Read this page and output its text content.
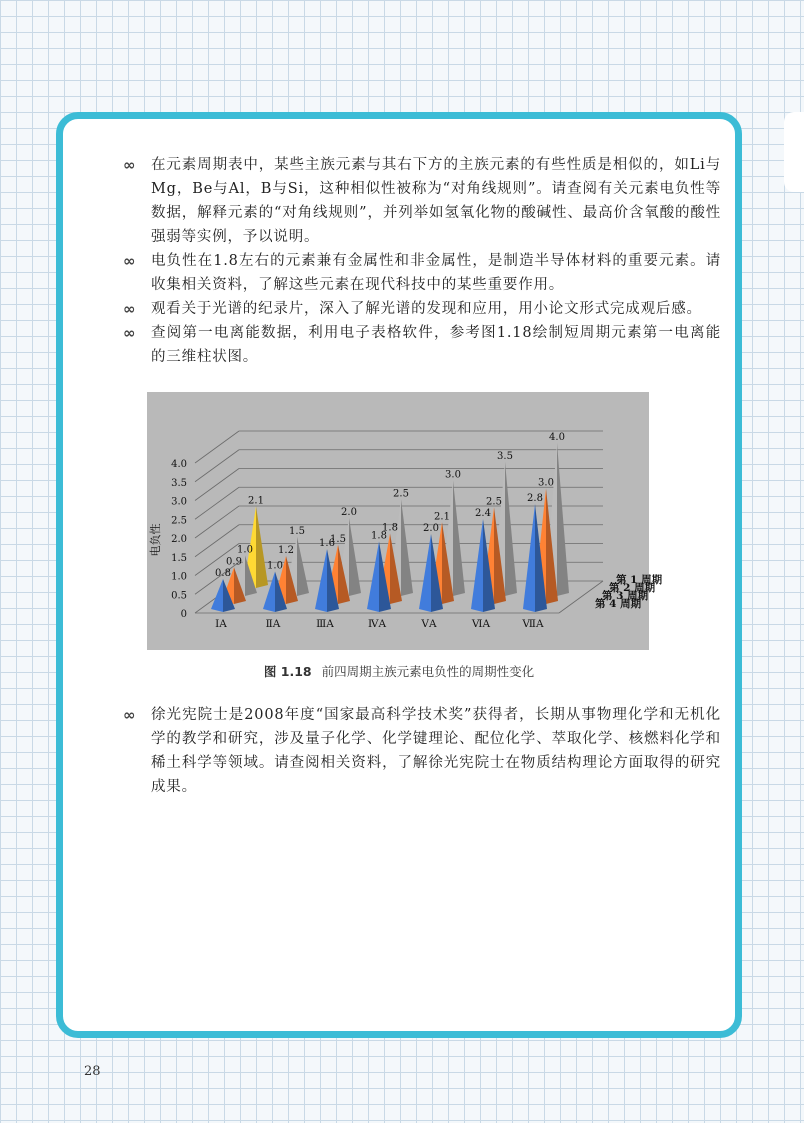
∞ 在元素周期表中，某些主族元素与其右下方的主族元素的有些性质是相似的，如Li与Mg，Be与Al，B与Si，这种相似性被称为“对角线规则”。请查阅有关元素电负性等数据，解释元素的“对角线规则”，并列举如氢氧化物的酸碱性、最高价含氧酸的酸性强弱等实例，予以说明。
∞ 电负性在1.8左右的元素兼有金属性和非金属性，是制造半导体材料的重要元素。请收集相关资料，了解这些元素在现代科技中的某些重要作用。
∞ 观看关于光谱的纪录片，深入了解光谱的发现和应用，用小论文形式完成观后感。
∞ 查阅第一电离能数据，利用电子表格软件，参考图1.18绘制短周期元素第一电离能的三维柱状图。
0
0.5
1.0
1.5
2.0
2.5
3.0
3.5
4.0
电负性
2.1
第 1 周期
1.0
1.5
2.0
2.5
3.0
3.5
4.0
第 2 周期
0.9
1.2
1.5
1.8
2.1
2.5
3.0
第 3 周期
0.8
1.0
1.6
1.8
2.0
2.4
2.8
第 4 周期
ⅠA	ⅡA	ⅢA	ⅣA	ⅤA	ⅥA	ⅦA
图 1.18 前四周期主族元素电负性的周期性变化
∞ 徐光宪院士是2008年度“国家最高科学技术奖”获得者，长期从事物理化学和无机化学的教学和研究，涉及量子化学、化学键理论、配位化学、萃取化学、核燃料化学和稀土科学等领域。请查阅相关资料，了解徐光宪院士在物质结构理论方面取得的研究成果。
28
